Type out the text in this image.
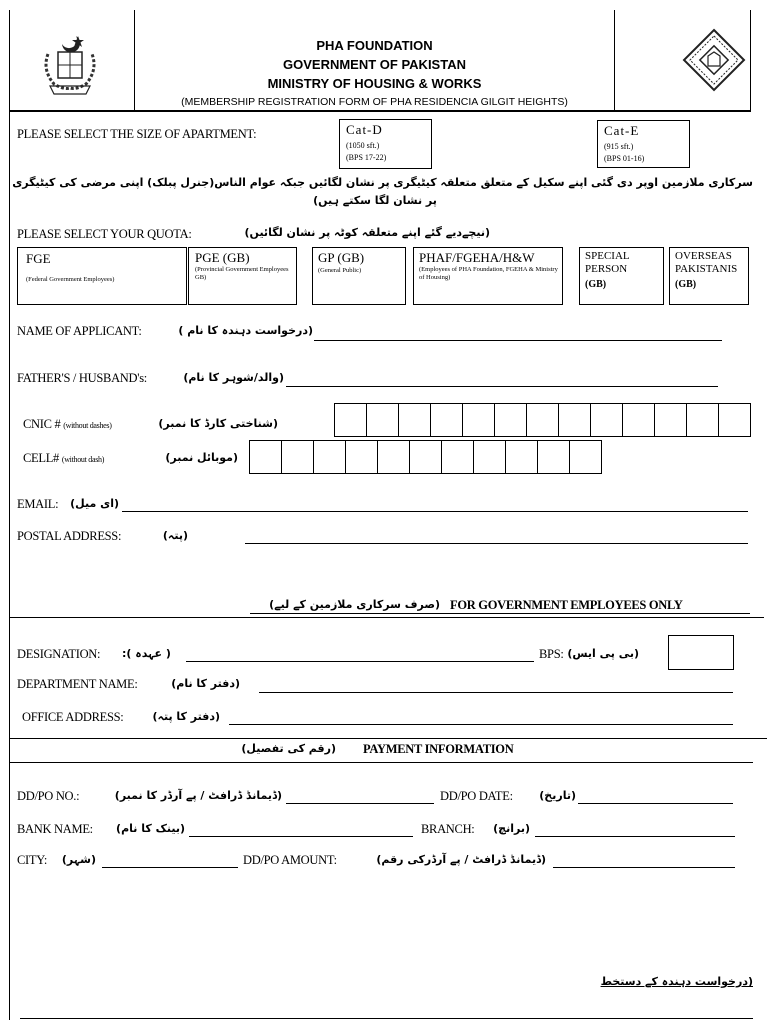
PHA FOUNDATION
GOVERNMENT OF PAKISTAN
MINISTRY OF HOUSING & WORKS
(MEMBERSHIP REGISTRATION FORM OF PHA RESIDENCIA GILGIT HEIGHTS)
PLEASE SELECT THE SIZE OF APARTMENT:	Cat-D
(1050 sft.)
(BPS 17-22)
Cat-E
(915 sft.)
(BPS 01-16)
سرکاری ملازمین اوپر دی گئی اپنے سکیل کے متعلق متعلقہ کیٹیگری پر نشان لگائیں جبکہ عوام الناس(جنرل پبلک) اپنی مرضی کی کیٹیگری
پر نشان لگا سکتے ہیں)
PLEASE SELECT YOUR QUOTA:	(نیچےدیے گئے اپنے متعلقہ کوٹہ پر نشان لگائیں)
FGE
(Federal Government Employees)
PGE (GB)
(Provincial Government Employees GB)
GP (GB)
(General Public)
PHAF/FGEHA/H&W
(Employees of PHA Foundation, FGEHA & Ministry of Housing)
SPECIAL PERSON
(GB)
OVERSEAS PAKISTANIS
(GB)
NAME OF APPLICANT:	(درخواست دہندہ کا نام )
FATHER'S / HUSBAND's:	(والد/شوہر کا نام)
CNIC # (without dashes)	(شناختی کارڈ کا نمبر)
CELL# (without dash)	(موبائل نمبر)
EMAIL:	(ای میل)
POSTAL ADDRESS:	(پتہ)
(صرف سرکاری ملازمین کے لیے) FOR GOVERNMENT EMPLOYEES ONLY
DESIGNATION: ( عہدہ ):	BPS: (بی پی ایس)
DEPARTMENT NAME:	(دفتر کا نام)
OFFICE ADDRESS:	(دفتر کا پتہ)
(رقم کی تفصیل) PAYMENT INFORMATION
DD/PO NO.:	(ڈیمانڈ ڈرافٹ / پے آرڈر کا نمبر)	DD/PO DATE: (تاریخ)
BANK NAME: (بینک کا نام)	BRANCH:	(برانچ)
CITY: (شہر)	DD/PO AMOUNT:	(ڈیمانڈ ڈرافٹ / پے آرڈرکی رقم)
(درخواست دہندہ کے دستخط
